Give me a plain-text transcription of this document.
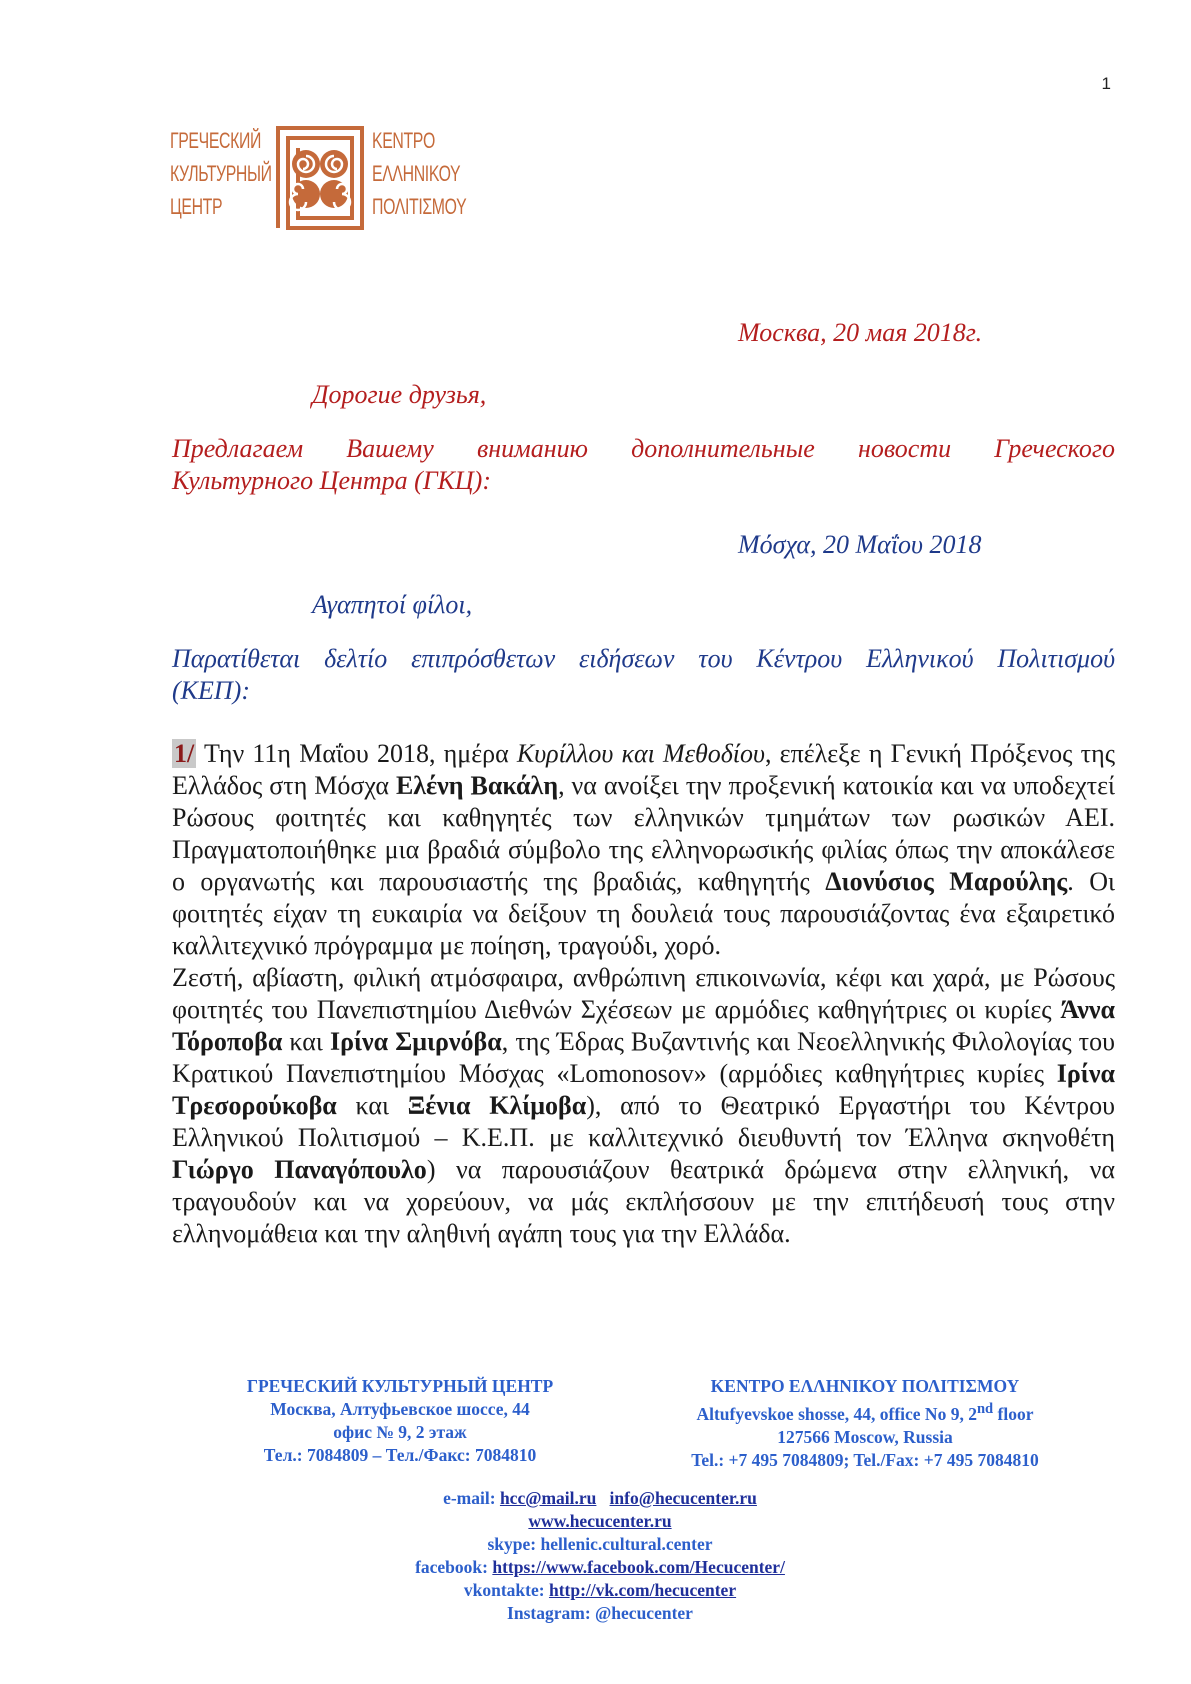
1
ГРЕЧЕСКИЙ
КУЛЬТУРНЫЙ
ЦЕНТР
ΚΕΝΤΡΟ
ΕΛΛΗΝΙΚΟΥ
ΠΟΛΙΤΙΣΜΟΥ
Москва, 20 мая 2018г.
Дорогие друзья,
Предлагаем Вашему вниманию дополнительные новости Греческого
Культурного Центра (ГКЦ):
Μόσχα, 20 Μαΐου 2018
Αγαπητοί φίλοι,
Παρατίθεται δελτίο επιπρόσθετων ειδήσεων του Κέντρου Ελληνικού Πολιτισμού
(ΚΕΠ):

1/ Την 11η Μαΐου 2018, ημέρα Κυρίλλου και Μεθοδίου, επέλεξε η Γενική Πρόξενος της Ελλάδος στη Μόσχα Ελένη Βακάλη, να ανοίξει την προξενική κατοικία και να υποδεχτεί Ρώσους φοιτητές και καθηγητές των ελληνικών τμημάτων των ρωσικών ΑΕΙ. Πραγματοποιήθηκε μια βραδιά σύμβολο της ελληνορωσικής φιλίας όπως την αποκάλεσε ο οργανωτής και παρουσιαστής της βραδιάς, καθηγητής Διονύσιος Μαρούλης. Οι φοιτητές είχαν τη ευκαιρία να δείξουν τη δουλειά τους παρουσιάζοντας ένα εξαιρετικό καλλιτεχνικό πρόγραμμα με ποίηση, τραγούδι, χορό.

Ζεστή, αβίαστη, φιλική ατμόσφαιρα, ανθρώπινη επικοινωνία, κέφι και χαρά, με Ρώσους φοιτητές του Πανεπιστημίου Διεθνών Σχέσεων με αρμόδιες καθηγήτριες οι κυρίες Άννα Τόροποβα και Ιρίνα Σμιρνόβα, της Έδρας Βυζαντινής και Νεοελληνικής Φιλολογίας του Κρατικού Πανεπιστημίου Μόσχας «Lomonosov» (αρμόδιες καθηγήτριες κυρίες Ιρίνα Τρεσορούκοβα και Ξένια Κλίμοβα), από το Θεατρικό Εργαστήρι του Κέντρου Ελληνικού Πολιτισμού – Κ.Ε.Π. με καλλιτεχνικό διευθυντή τον Έλληνα σκηνοθέτη Γιώργο Παναγόπουλο) να παρουσιάζουν θεατρικά δρώμενα στην ελληνική, να τραγουδούν και να χορεύουν, να μάς εκπλήσσουν με την επιτήδευσή τους στην ελληνομάθεια και την αληθινή αγάπη τους για την Ελλάδα.

ГРЕЧЕСКИЙ КУЛЬТУРНЫЙ ЦЕНТР
Москва, Алтуфьевское шоссе, 44
офис № 9, 2 этаж
Тел.: 7084809 – Тел./Факс: 7084810
ΚΕΝΤΡΟ ΕΛΛΗΝΙΚΟΥ ΠΟΛΙΤΙΣΜΟΥ
Altufyevskoe shosse, 44, office No 9, 2nd floor
127566 Moscow, Russia
Tel.: +7 495 7084809; Tel./Fax: +7 495 7084810
e-mail: hcc@mail.ru info@hecucenter.ru
www.hecucenter.ru
skype: hellenic.cultural.center
facebook: https://www.facebook.com/Hecucenter/
vkontakte: http://vk.com/hecucenter
Instagram: @hecucenter
